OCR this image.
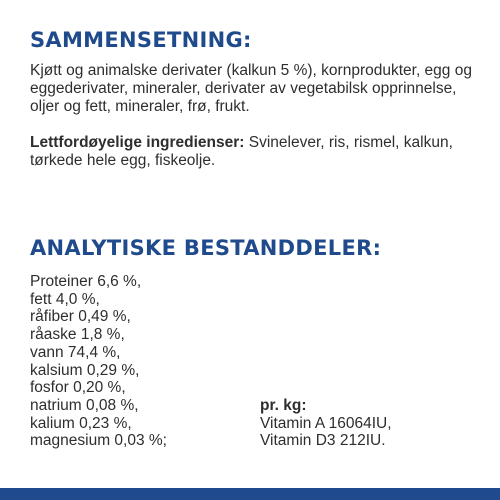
SAMMENSETNING:

Kjøtt og animalske derivater (kalkun 5 %), kornprodukter, egg og eggederivater, mineraler, derivater av vegetabilsk opprinnelse, oljer og fett, mineraler, frø, frukt.

Lettfordøyelige ingredienser: Svinelever, ris, rismel, kalkun, tørkede hele egg, fiskeolje.

ANALYTISKE BESTANDDELER:
Proteiner 6,6 %,
fett 4,0 %,
råfiber 0,49 %,
råaske 1,8 %,
vann 74,4 %,
kalsium 0,29 %,
fosfor 0,20 %,
natrium 0,08 %,
kalium 0,23 %,
magnesium 0,03 %;
pr. kg:
Vitamin A 16064IU,
Vitamin D3 212IU.
